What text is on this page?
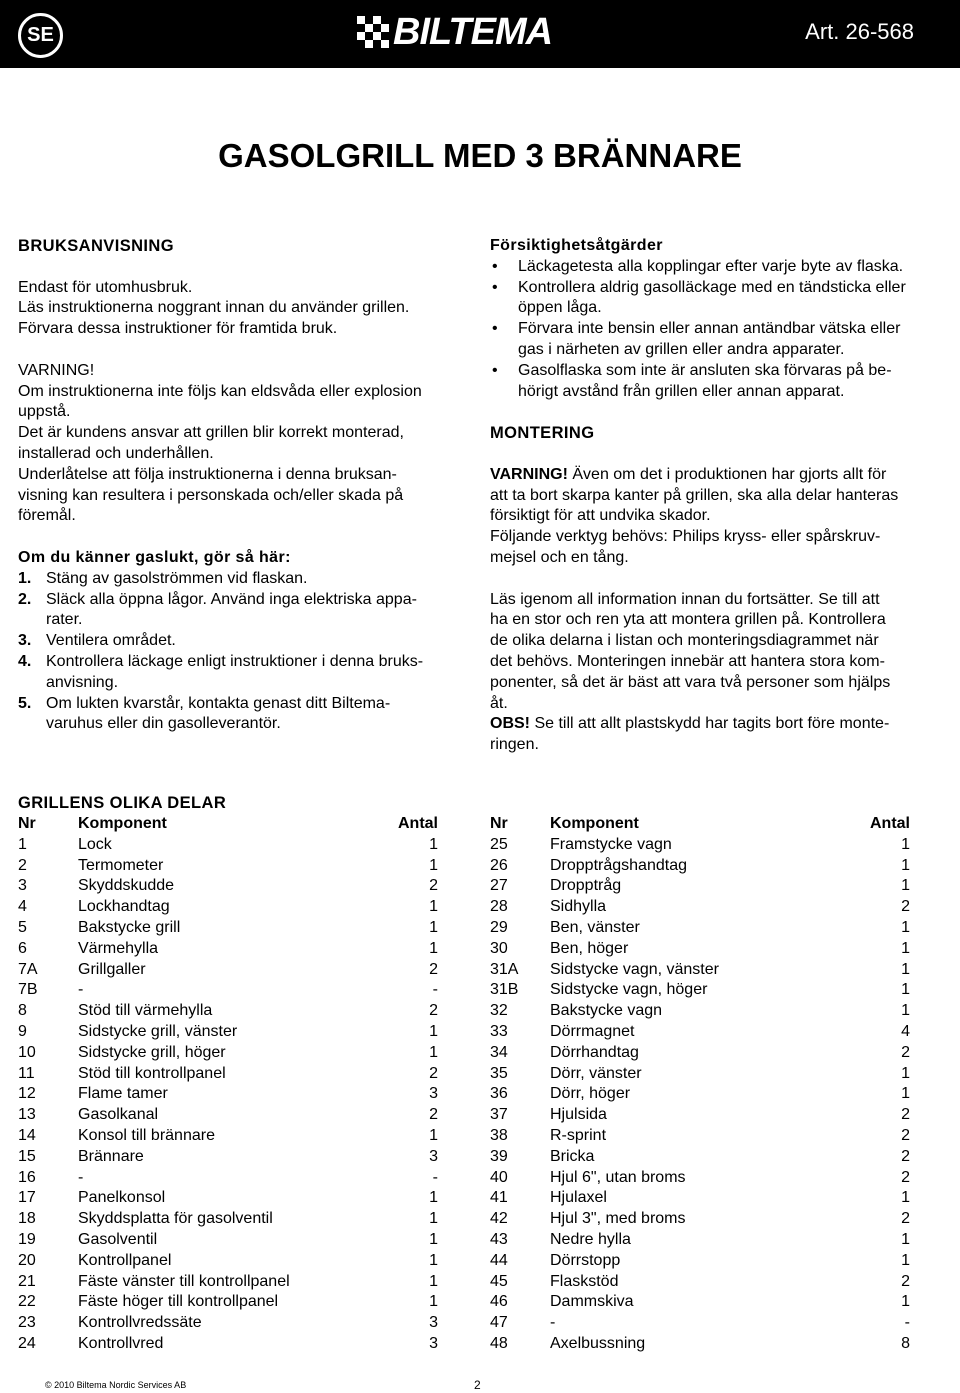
SE	BILTEMA	Art. 26-568
GASOLGRILL MED 3 BRÄNNARE

BRUKSANVISNING

Endast för utomhusbruk.

Läs instruktionerna noggrant innan du använder grillen.

Förvara dessa instruktioner för framtida bruk.

VARNING!

Om instruktionerna inte följs kan eldsvåda eller explosion

uppstå.

Det är kundens ansvar att grillen blir korrekt monterad,

installerad och underhållen.

Underlåtelse att följa instruktionerna i denna bruksan-

visning kan resultera i personskada och/eller skada på

föremål.

Om du känner gaslukt, gör så här:

1. Stäng av gasolströmmen vid flaskan.
2. Släck alla öppna lågor. Använd inga elektriska appa-
rater.
3. Ventilera området.
4. Kontrollera läckage enligt instruktioner i denna bruks-
anvisning.
5. Om lukten kvarstår, kontakta genast ditt Biltema-
varuhus eller din gasolleverantör.

Försiktighetsåtgärder

•	Läckagetesta alla kopplingar efter varje byte av flaska.
•	Kontrollera aldrig gasolläckage med en tändsticka eller
öppen låga.
•	Förvara inte bensin eller annan antändbar vätska eller
gas i närheten av grillen eller andra apparater.
•	Gasolflaska som inte är ansluten ska förvaras på be-
hörigt avstånd från grillen eller annan apparat.

MONTERING

VARNING! Även om det i produktionen har gjorts allt för

att ta bort skarpa kanter på grillen, ska alla delar hanteras

försiktigt för att undvika skador.

Följande verktyg behövs: Philips kryss- eller spårskruv-

mejsel och en tång.

Läs igenom all information innan du fortsätter. Se till att

ha en stor och ren yta att montera grillen på. Kontrollera

de olika delarna i listan och monteringsdiagrammet när

det behövs. Monteringen innebär att hantera stora kom-

ponenter, så det är bäst att vara två personer som hjälps

åt.

OBS! Se till att allt plastskydd har tagits bort före monte-

ringen.

GRILLENS OLIKA DELAR

Nr	Komponent	Antal
1	Lock	1
2	Termometer	1
3	Skyddskudde	2
4	Lockhandtag	1
5	Bakstycke grill	1
6	Värmehylla	1
7A	Grillgaller	2
7B	-	-
8	Stöd till värmehylla	2
9	Sidstycke grill, vänster	1
10	Sidstycke grill, höger	1
11	Stöd till kontrollpanel	2
12	Flame tamer	3
13	Gasolkanal	2
14	Konsol till brännare	1
15	Brännare	3
16	-	-
17	Panelkonsol	1
18	Skyddsplatta för gasolventil	1
19	Gasolventil	1
20	Kontrollpanel	1
21	Fäste vänster till kontrollpanel	1
22	Fäste höger till kontrollpanel	1
23	Kontrollvredssäte	3
24	Kontrollvred	3
Nr	Komponent	Antal
25	Framstycke vagn	1
26	Dropptrågshandtag	1
27	Dropptråg	1
28	Sidhylla	2
29	Ben, vänster	1
30	Ben, höger	1
31A	Sidstycke vagn, vänster	1
31B	Sidstycke vagn, höger	1
32	Bakstycke vagn	1
33	Dörrmagnet	4
34	Dörrhandtag	2
35	Dörr, vänster	1
36	Dörr, höger	1
37	Hjulsida	2
38	R-sprint	2
39	Bricka	2
40	Hjul 6", utan broms	2
41	Hjulaxel	1
42	Hjul 3", med broms	2
43	Nedre hylla	1
44	Dörrstopp	1
45	Flaskstöd	2
46	Dammskiva	1
47	-	-
48	Axelbussning	8
© 2010 Biltema Nordic Services AB	2
